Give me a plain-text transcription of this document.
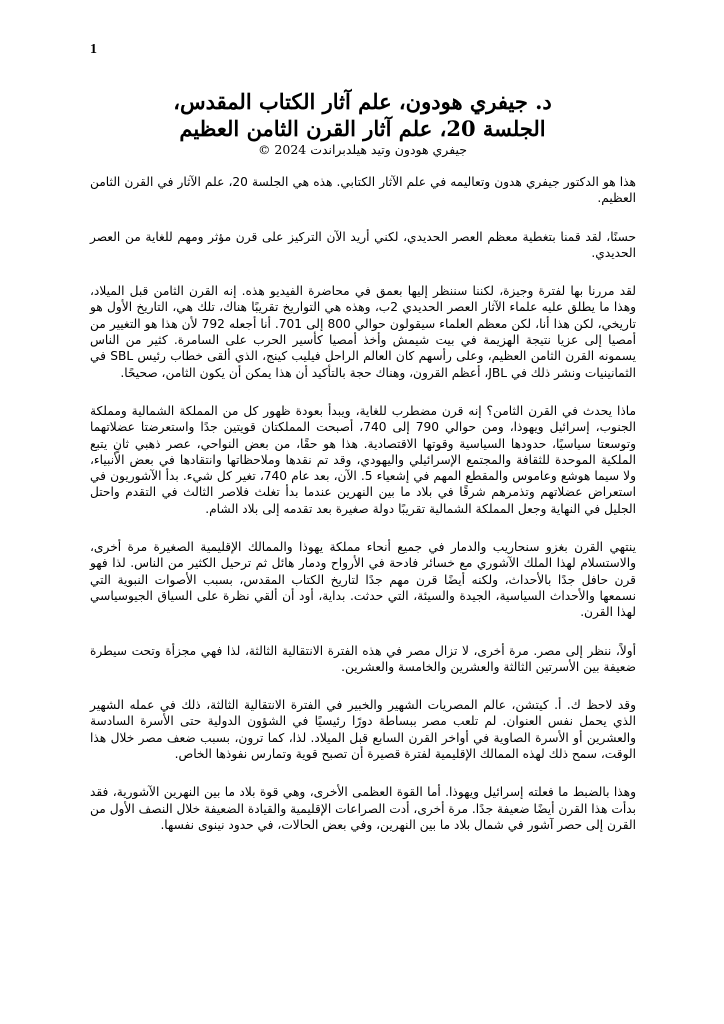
1

د. جيفري هودون، علم آثار الكتاب المقدس،

الجلسة 20، علم آثار القرن الثامن العظيم

جيفري هودون وتيد هيلدبراندت 2024 ©

هذا هو الدكتور جيفري هدون وتعاليمه في علم الآثار الكتابي. هذه هي الجلسة 20، علم الآثار في القرن الثامن العظيم.

حسنًا، لقد قمنا بتغطية معظم العصر الحديدي، لكني أريد الآن التركيز على قرن مؤثر ومهم للغاية من العصر الحديدي.

لقد مررنا بها لفترة وجيزة، لكننا سننظر إليها بعمق في محاضرة الفيديو هذه. إنه القرن الثامن قبل الميلاد، وهذا ما يطلق عليه علماء الآثار العصر الحديدي 2ب، وهذه هي التواريخ تقريبًا هناك، تلك هي، التاريخ الأول هو تاريخي، لكن هذا أنا، لكن معظم العلماء سيقولون حوالي 800 إلى 701. أنا أجعله 792 لأن هذا هو التغيير من أمصيا إلى عزيا نتيجة الهزيمة في بيت شيمش وأخذ أمصيا كأسير الحرب على السامرة. كثير من الناس يسمونه القرن الثامن العظيم، وعلى رأسهم كان العالم الراحل فيليب كينج، الذي ألقى خطاب رئيس SBL في الثمانينيات ونشر ذلك في JBL، أعظم القرون، وهناك حجة بالتأكيد أن هذا يمكن أن يكون الثامن، صحيحًا.

ماذا يحدث في القرن الثامن؟ إنه قرن مضطرب للغاية، ويبدأ بعودة ظهور كل من المملكة الشمالية ومملكة الجنوب، إسرائيل ويهوذا، ومن حوالي 790 إلى 740، أصبحت المملكتان قويتين جدًا واستعرضتا عضلاتهما وتوسعتا سياسيًا، حدودها السياسية وقوتها الاقتصادية. هذا هو حقًا، من بعض النواحي، عصر ذهبي ثانٍ يتبع الملكية الموحدة للثقافة والمجتمع الإسرائيلي واليهودي، وقد تم نقدها وملاحظاتها وانتقادها في بعض الأنبياء، ولا سيما هوشع وعاموس والمقطع المهم في إشعياء 5. الآن، بعد عام 740، تغير كل شيء. بدأ الآشوريون في استعراض عضلاتهم وتذمرهم شرقًا في بلاد ما بين النهرين عندما بدأ تغلث فلاصر الثالث في التقدم واحتل الجليل في النهاية وجعل المملكة الشمالية تقريبًا دولة صغيرة بعد تقدمه إلى بلاد الشام.

ينتهي القرن بغزو سنحاريب والدمار في جميع أنحاء مملكة يهوذا والممالك الإقليمية الصغيرة مرة أخرى، والاستسلام لهذا الملك الآشوري مع خسائر فادحة في الأرواح ودمار هائل ثم ترحيل الكثير من الناس. لذا فهو قرن حافل جدًا بالأحداث، ولكنه أيضًا قرن مهم جدًا لتاريخ الكتاب المقدس، بسبب الأصوات النبوية التي نسمعها والأحداث السياسية، الجيدة والسيئة، التي حدثت. بداية، أود أن ألقي نظرة على السياق الجيوسياسي لهذا القرن.

أولاً، ننظر إلى مصر. مرة أخرى، لا تزال مصر في هذه الفترة الانتقالية الثالثة، لذا فهي مجزأة وتحت سيطرة ضعيفة بين الأسرتين الثالثة والعشرين والخامسة والعشرين.

وقد لاحظ ك. أ. كيتشن، عالم المصريات الشهير والخبير في الفترة الانتقالية الثالثة، ذلك في عمله الشهير الذي يحمل نفس العنوان. لم تلعب مصر ببساطة دورًا رئيسيًا في الشؤون الدولية حتى الأسرة السادسة والعشرين أو الأسرة الصاوية في أواخر القرن السابع قبل الميلاد. لذا، كما ترون، بسبب ضعف مصر خلال هذا الوقت، سمح ذلك لهذه الممالك الإقليمية لفترة قصيرة أن تصبح قوية وتمارس نفوذها الخاص.

وهذا بالضبط ما فعلته إسرائيل ويهوذا. أما القوة العظمى الأخرى، وهي قوة بلاد ما بين النهرين الآشورية، فقد بدأت هذا القرن أيضًا ضعيفة جدًا. مرة أخرى، أدت الصراعات الإقليمية والقيادة الضعيفة خلال النصف الأول من القرن إلى حصر آشور في شمال بلاد ما بين النهرين، وفي بعض الحالات، في حدود نينوى نفسها.
